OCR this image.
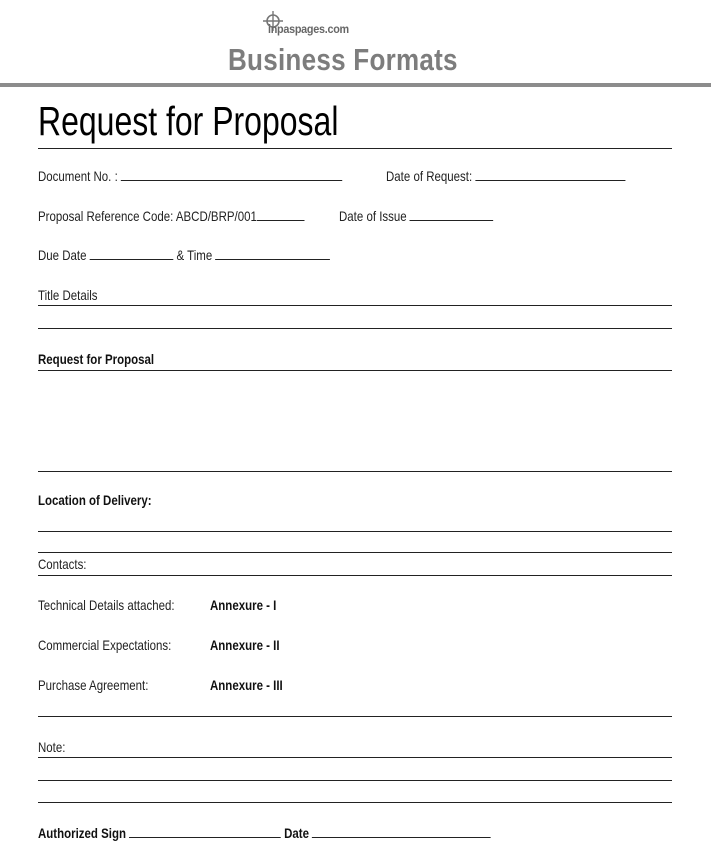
inpaspages.com
Business Formats
Request for Proposal
Document No. :	Date of Request:
Proposal Reference Code: ABCD/BRP/001	Date of Issue
Due Date	& Time
Title Details
Request for Proposal
Location of Delivery:
Contacts:
Technical Details attached:	Annexure - I
Commercial Expectations:	Annexure - II
Purchase Agreement:	Annexure - III
Note:
Authorized Sign	Date
